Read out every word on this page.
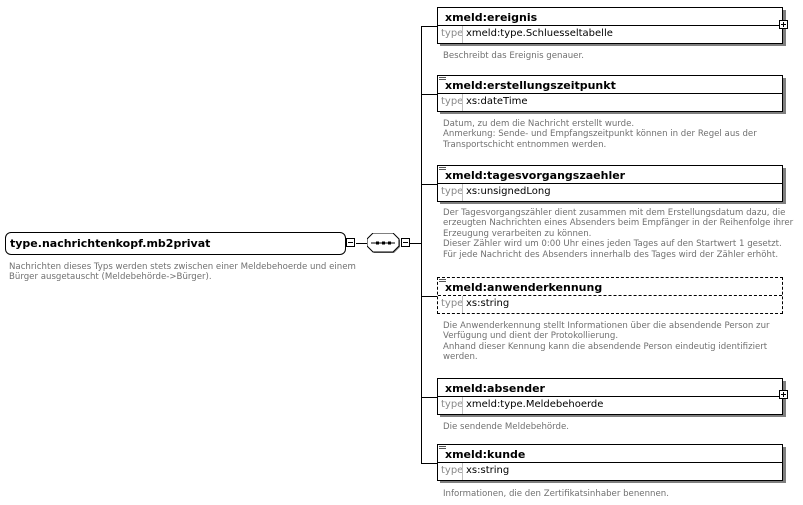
type.nachrichtenkopf.mb2privat
Nachrichten dieses Typs werden stets zwischen einer Meldebehoerde und einem
Bürger ausgetauscht (Meldebehörde->Bürger).
xmeld:ereignis
type xmeld:type.Schluesseltabelle
Beschreibt das Ereignis genauer.
xmeld:erstellungszeitpunkt
type xs:dateTime
Datum, zu dem die Nachricht erstellt wurde.
Anmerkung: Sende- und Empfangszeitpunkt können in der Regel aus der
Transportschicht entnommen werden.
xmeld:tagesvorgangszaehler
type xs:unsignedLong
Der Tagesvorgangszähler dient zusammen mit dem Erstellungsdatum dazu, die
erzeugten Nachrichten eines Absenders beim Empfänger in der Reihenfolge ihrer
Erzeugung verarbeiten zu können.
Dieser Zähler wird um 0:00 Uhr eines jeden Tages auf den Startwert 1 gesetzt.
Für jede Nachricht des Absenders innerhalb des Tages wird der Zähler erhöht.
xmeld:anwenderkennung
type xs:string
Die Anwenderkennung stellt Informationen über die absendende Person zur
Verfügung und dient der Protokollierung.
Anhand dieser Kennung kann die absendende Person eindeutig identifiziert
werden.
xmeld:absender
type xmeld:type.Meldebehoerde
Die sendende Meldebehörde.
xmeld:kunde
type xs:string
Informationen, die den Zertifikatsinhaber benennen.
